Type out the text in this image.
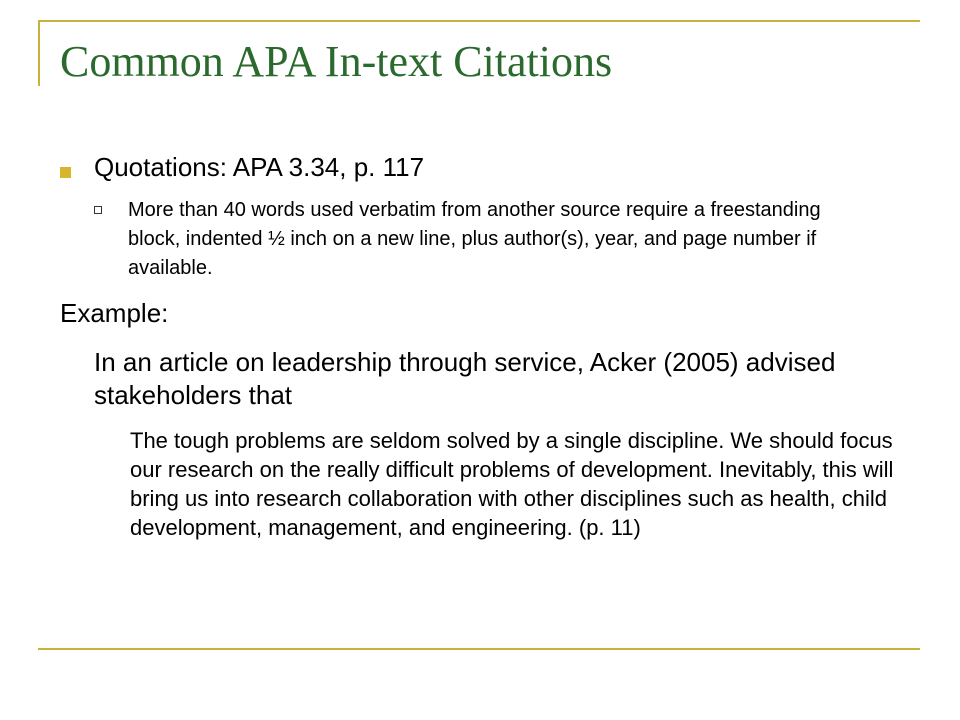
Common APA In-text Citations
Quotations: APA 3.34, p. 117
More than 40 words used verbatim from another source require a freestanding block, indented ½ inch on a new line, plus author(s), year, and page number if available.
Example:
In an article on leadership through service, Acker (2005) advised stakeholders that
The tough problems are seldom solved by a single discipline. We should focus our research on the really difficult problems of development. Inevitably, this will bring us into research collaboration with other disciplines such as health, child development, management, and engineering. (p. 11)
